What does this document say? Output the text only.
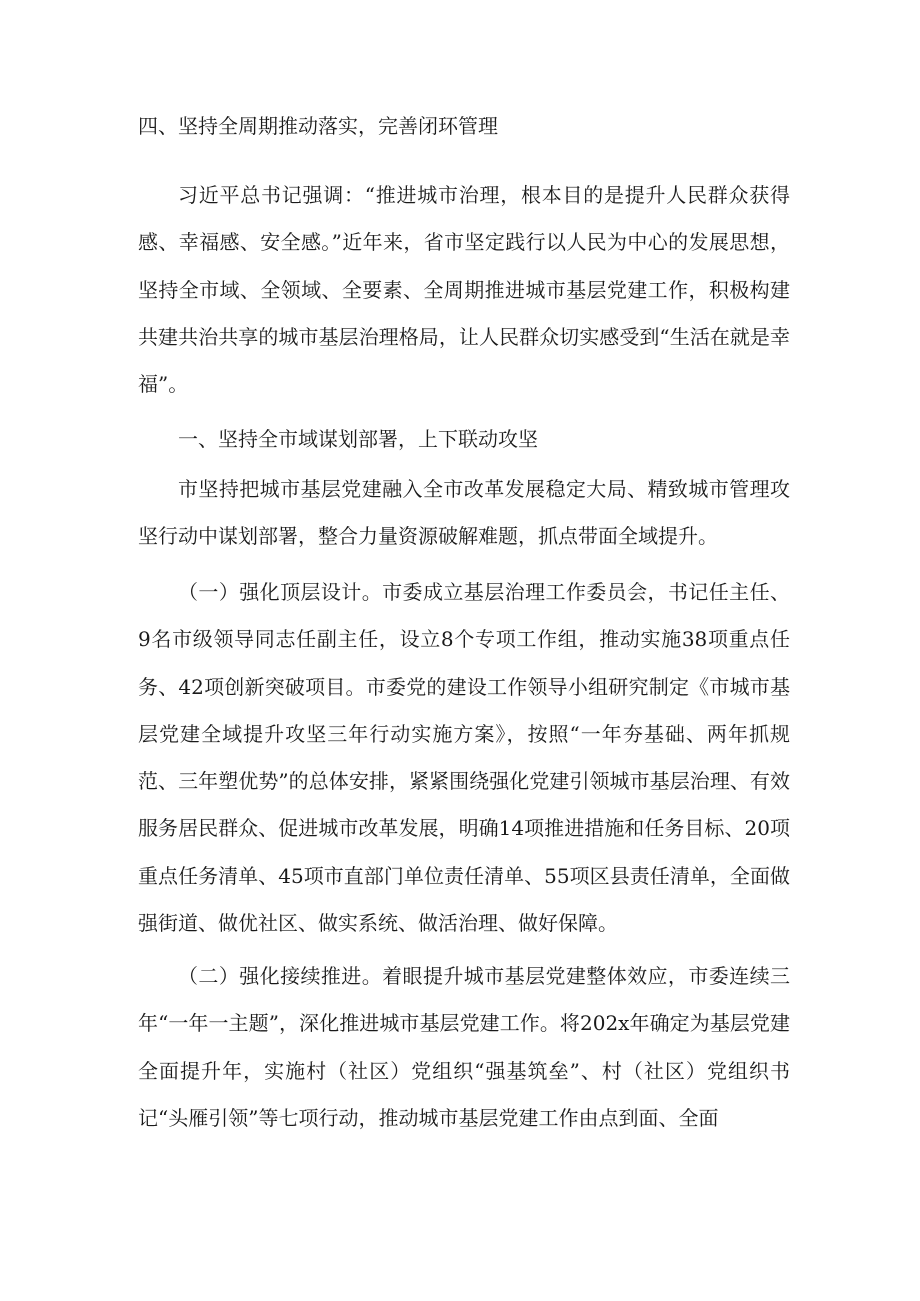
四、坚持全周期推动落实，完善闭环管理

习近平总书记强调：“推进城市治理，根本目的是提升人民群众获得感、幸福感、安全感。”近年来，省市坚定践行以人民为中心的发展思想，坚持全市域、全领域、全要素、全周期推进城市基层党建工作，积极构建共建共治共享的城市基层治理格局，让人民群众切实感受到“生活在就是幸福”。

一、坚持全市域谋划部署，上下联动攻坚

市坚持把城市基层党建融入全市改革发展稳定大局、精致城市管理攻坚行动中谋划部署，整合力量资源破解难题，抓点带面全域提升。

（一）强化顶层设计。市委成立基层治理工作委员会，书记任主任、9名市级领导同志任副主任，设立8个专项工作组，推动实施38项重点任务、42项创新突破项目。市委党的建设工作领导小组研究制定《市城市基层党建全域提升攻坚三年行动实施方案》，按照“一年夯基础、两年抓规范、三年塑优势”的总体安排，紧紧围绕强化党建引领城市基层治理、有效服务居民群众、促进城市改革发展，明确14项推进措施和任务目标、20项重点任务清单、45项市直部门单位责任清单、55项区县责任清单，全面做强街道、做优社区、做实系统、做活治理、做好保障。

（二）强化接续推进。着眼提升城市基层党建整体效应，市委连续三年“一年一主题”，深化推进城市基层党建工作。将202x年确定为基层党建全面提升年，实施村（社区）党组织“强基筑垒”、村（社区）党组织书记“头雁引领”等七项行动，推动城市基层党建工作由点到面、全面
